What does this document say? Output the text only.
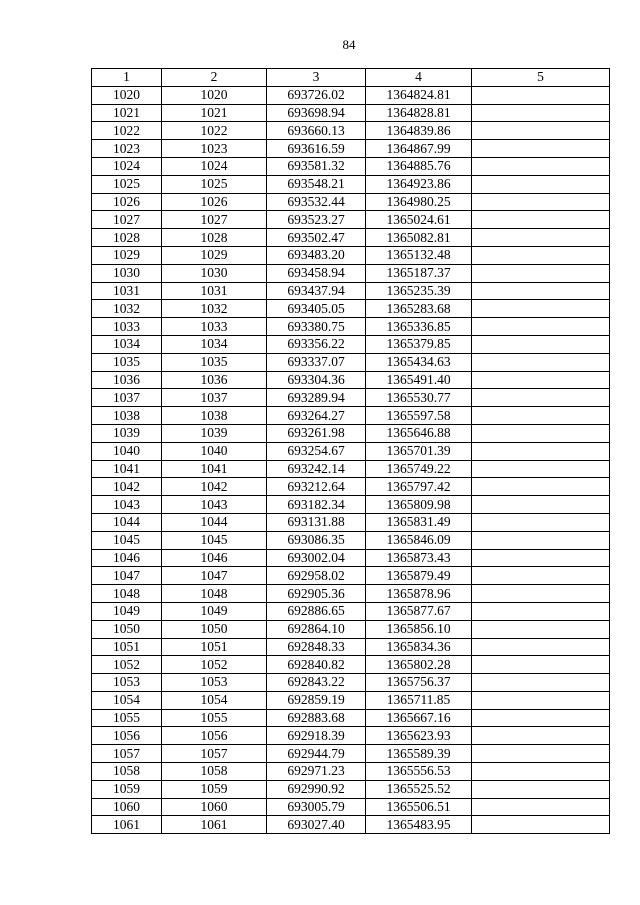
84
1	2	3	4	5
1020	1020	693726.02	1364824.81	
1021	1021	693698.94	1364828.81	
1022	1022	693660.13	1364839.86	
1023	1023	693616.59	1364867.99	
1024	1024	693581.32	1364885.76	
1025	1025	693548.21	1364923.86	
1026	1026	693532.44	1364980.25	
1027	1027	693523.27	1365024.61	
1028	1028	693502.47	1365082.81	
1029	1029	693483.20	1365132.48	
1030	1030	693458.94	1365187.37	
1031	1031	693437.94	1365235.39	
1032	1032	693405.05	1365283.68	
1033	1033	693380.75	1365336.85	
1034	1034	693356.22	1365379.85	
1035	1035	693337.07	1365434.63	
1036	1036	693304.36	1365491.40	
1037	1037	693289.94	1365530.77	
1038	1038	693264.27	1365597.58	
1039	1039	693261.98	1365646.88	
1040	1040	693254.67	1365701.39	
1041	1041	693242.14	1365749.22	
1042	1042	693212.64	1365797.42	
1043	1043	693182.34	1365809.98	
1044	1044	693131.88	1365831.49	
1045	1045	693086.35	1365846.09	
1046	1046	693002.04	1365873.43	
1047	1047	692958.02	1365879.49	
1048	1048	692905.36	1365878.96	
1049	1049	692886.65	1365877.67	
1050	1050	692864.10	1365856.10	
1051	1051	692848.33	1365834.36	
1052	1052	692840.82	1365802.28	
1053	1053	692843.22	1365756.37	
1054	1054	692859.19	1365711.85	
1055	1055	692883.68	1365667.16	
1056	1056	692918.39	1365623.93	
1057	1057	692944.79	1365589.39	
1058	1058	692971.23	1365556.53	
1059	1059	692990.92	1365525.52	
1060	1060	693005.79	1365506.51	
1061	1061	693027.40	1365483.95	
